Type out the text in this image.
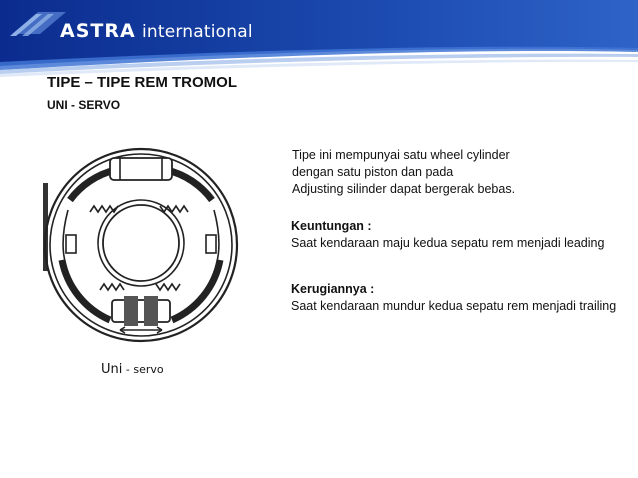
ASTRA international
TIPE – TIPE REM TROMOL
UNI - SERVO
Uni - servo
Tipe ini mempunyai satu wheel cylinder
dengan satu piston dan pada
Adjusting silinder dapat bergerak bebas.
Keuntungan :
Saat kendaraan maju kedua sepatu rem menjadi leading
Kerugiannya :
Saat kendaraan mundur kedua sepatu rem menjadi trailing
